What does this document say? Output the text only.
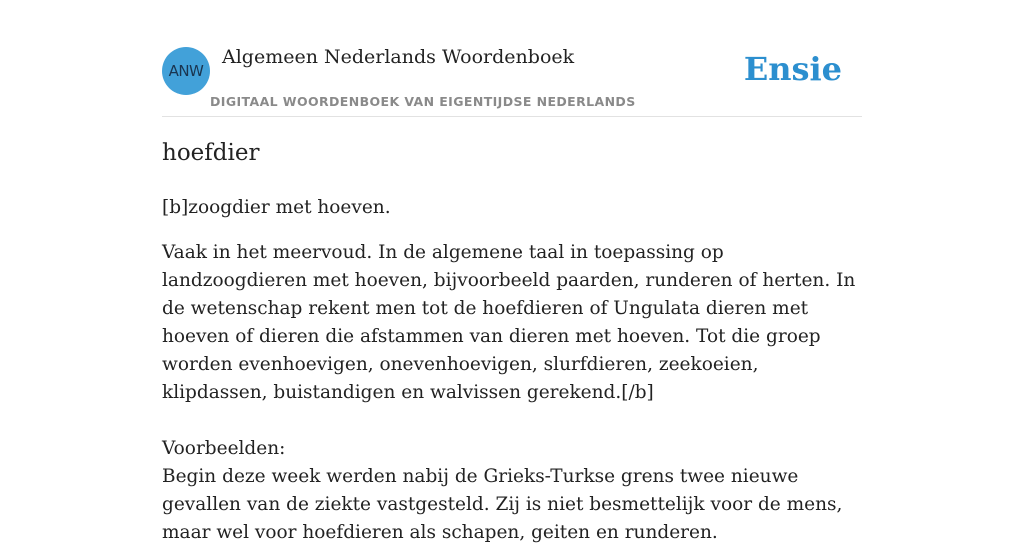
ANW
Algemeen Nederlands Woordenboek
DIGITAAL WOORDENBOEK VAN EIGENTIJDSE NEDERLANDS
Ensie
hoefdier

[b]zoogdier met hoeven.

Vaak in het meervoud. In de algemene taal in toepassing op landzoogdieren met hoeven, bijvoorbeeld paarden, runderen of herten. In de wetenschap rekent men tot de hoefdieren of Ungulata dieren met hoeven of dieren die afstammen van dieren met hoeven. Tot die groep worden evenhoevigen, onevenhoevigen, slurfdieren, zeekoeien, klipdassen, buistandigen en walvissen gerekend.[/b]
Voorbeelden:
Begin deze week werden nabij de Grieks-Turkse grens twee nieuwe gevallen van de ziekte vastgesteld. Zij is niet besmettelijk voor de mens, maar wel voor hoefdieren als schapen, geiten en runderen.
